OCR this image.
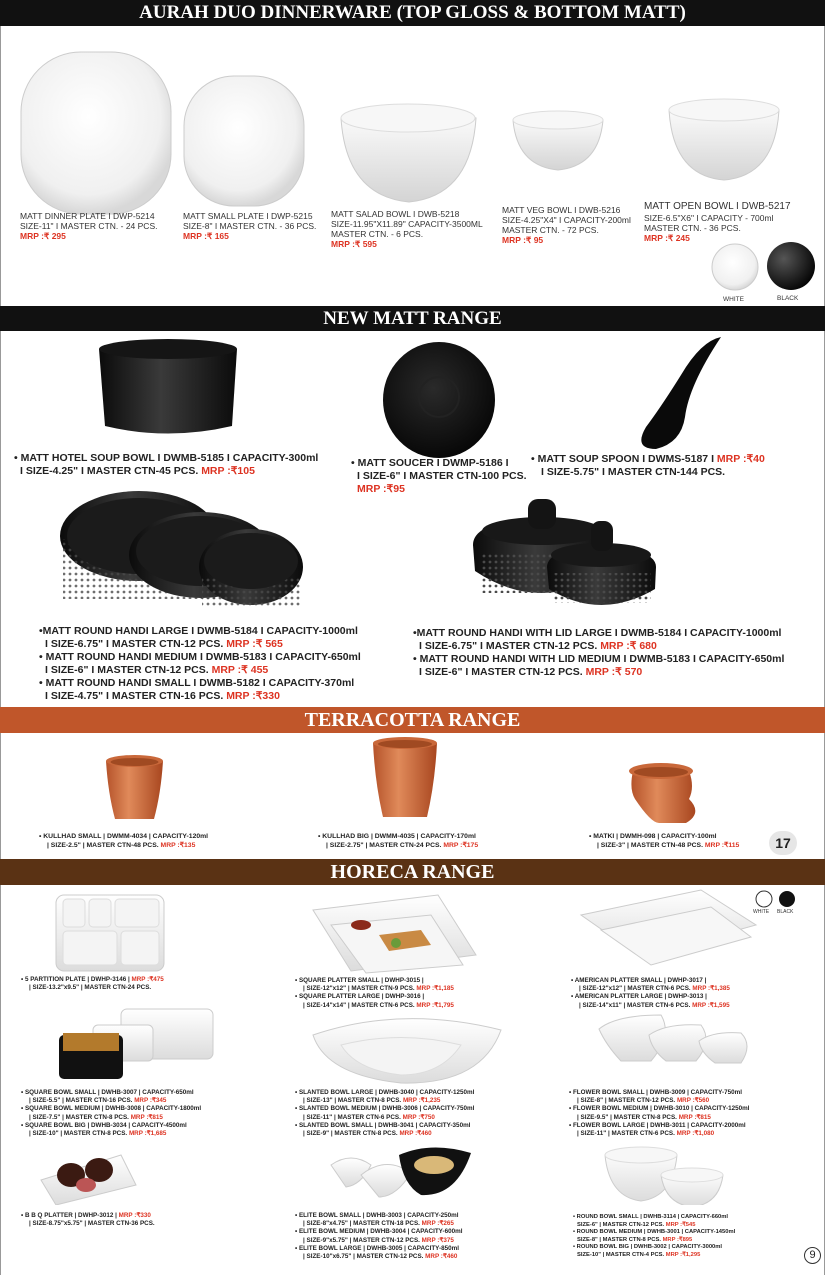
AURAH DUO DINNERWARE (TOP GLOSS & BOTTOM MATT)
MATT DINNER PLATE I DWP-5214
SIZE-11" I MASTER CTN. - 24 PCS.
MRP :₹ 295
MATT SMALL PLATE I DWP-5215
SIZE-8" I MASTER CTN. - 36 PCS.
MRP :₹ 165
MATT SALAD BOWL I DWB-5218
SIZE-11.95"X11.89" CAPACITY-3500ML
MASTER CTN. - 6 PCS.
MRP :₹ 595
MATT VEG BOWL I DWB-5216
SIZE-4.25"X4" I CAPACITY-200ml
MASTER CTN. - 72 PCS.
MRP :₹ 95
MATT OPEN BOWL I DWB-5217
SIZE-6.5"X6" I CAPACITY - 700ml
MASTER CTN. - 36 PCS.
MRP :₹ 245
WHITE	BLACK
NEW MATT RANGE
• MATT HOTEL SOUP BOWL I DWMB-5185 I CAPACITY-300ml
I SIZE-4.25" I MASTER CTN-45 PCS. MRP :₹105
• MATT SOUCER I DWMP-5186 I
I SIZE-6" I MASTER CTN-100 PCS.
MRP :₹95
• MATT SOUP SPOON I DWMS-5187 I MRP :₹40
I SIZE-5.75" I MASTER CTN-144 PCS.
•MATT ROUND HANDI LARGE I DWMB-5184 I CAPACITY-1000ml
I SIZE-6.75" I MASTER CTN-12 PCS. MRP :₹ 565
• MATT ROUND HANDI MEDIUM I DWMB-5183 I CAPACITY-650ml
I SIZE-6" I MASTER CTN-12 PCS. MRP :₹ 455
• MATT ROUND HANDI SMALL I DWMB-5182 I CAPACITY-370ml
I SIZE-4.75" I MASTER CTN-16 PCS. MRP :₹330
•MATT ROUND HANDI WITH LID LARGE I DWMB-5184 I CAPACITY-1000ml
I SIZE-6.75" I MASTER CTN-12 PCS. MRP :₹ 680
• MATT ROUND HANDI WITH LID MEDIUM I DWMB-5183 I CAPACITY-650ml
I SIZE-6" I MASTER CTN-12 PCS. MRP :₹ 570
TERRACOTTA RANGE
• KULLHAD SMALL | DWMM-4034 | CAPACITY-120ml
| SIZE-2.5" | MASTER CTN-48 PCS. MRP :₹135
• KULLHAD BIG | DWMM-4035 | CAPACITY-170ml
| SIZE-2.75" | MASTER CTN-24 PCS. MRP :₹175
• MATKI | DWMH-098 | CAPACITY-100ml
| SIZE-3" | MASTER CTN-48 PCS. MRP :₹115	17
HORECA RANGE
WHITE BLACK
• 5 PARTITION PLATE | DWHP-3146 | MRP :₹475
| SIZE-13.2"x9.5" | MASTER CTN-24 PCS.
• SQUARE PLATTER SMALL | DWHP-3015 |
| SIZE-12"x12" | MASTER CTN-9 PCS. MRP :₹1,185
• SQUARE PLATTER LARGE | DWHP-3016 |
| SIZE-14"x14" | MASTER CTN-6 PCS. MRP :₹1,795
• AMERICAN PLATTER SMALL | DWHP-3017 |
| SIZE-12"x12" | MASTER CTN-6 PCS. MRP :₹1,385
• AMERICAN PLATTER LARGE | DWHP-3013 |
| SIZE-14"x11" | MASTER CTN-6 PCS. MRP :₹1,595
• SQUARE BOWL SMALL | DWHB-3007 | CAPACITY-650ml
| SIZE-5.5" | MASTER CTN-16 PCS. MRP :₹345
• SQUARE BOWL MEDIUM | DWHB-3008 | CAPACITY-1800ml
| SIZE-7.5" | MASTER CTN-8 PCS. MRP :₹815
• SQUARE BOWL BIG | DWHB-3034 | CAPACITY-4500ml
| SIZE-10" | MASTER CTN-8 PCS. MRP :₹1,685
• SLANTED BOWL LARGE | DWHB-3040 | CAPACITY-1250ml
| SIZE-13" | MASTER CTN-8 PCS. MRP :₹1,235
• SLANTED BOWL MEDIUM | DWHB-3006 | CAPACITY-750ml
| SIZE-11" | MASTER CTN-6 PCS. MRP :₹750
• SLANTED BOWL SMALL | DWHB-3041 | CAPACITY-350ml
| SIZE-9" | MASTER CTN-8 PCS. MRP :₹460
• FLOWER BOWL SMALL | DWHB-3009 | CAPACITY-750ml
| SIZE-8" | MASTER CTN-12 PCS. MRP :₹560
• FLOWER BOWL MEDIUM | DWHB-3010 | CAPACITY-1250ml
| SIZE-9.5" | MASTER CTN-8 PCS. MRP :₹815
• FLOWER BOWL LARGE | DWHB-3011 | CAPACITY-2000ml
| SIZE-11" | MASTER CTN-6 PCS. MRP :₹1,080
• B B Q PLATTER | DWHP-3012 | MRP :₹330
| SIZE-8.75"x5.75" | MASTER CTN-36 PCS.
• ELITE BOWL SMALL | DWHB-3003 | CAPACITY-250ml
| SIZE-8"x4.75" | MASTER CTN-18 PCS. MRP :₹265
• ELITE BOWL MEDIUM | DWHB-3004 | CAPACITY-600ml
| SIZE-9"x5.75" | MASTER CTN-12 PCS. MRP :₹375
• ELITE BOWL LARGE | DWHB-3005 | CAPACITY-850ml
| SIZE-10"x6.75" | MASTER CTN-12 PCS. MRP :₹460
• ROUND BOWL SMALL | DWHB-3114 | CAPACITY-660ml
SIZE-6" | MASTER CTN-12 PCS. MRP :₹545
• ROUND BOWL MEDIUM | DWHB-3001 | CAPACITY-1450ml
SIZE-8" | MASTER CTN-8 PCS. MRP :₹895
• ROUND BOWL BIG | DWHB-3002 | CAPACITY-3000ml
SIZE-10" | MASTER CTN-4 PCS. MRP :₹1,295	9
